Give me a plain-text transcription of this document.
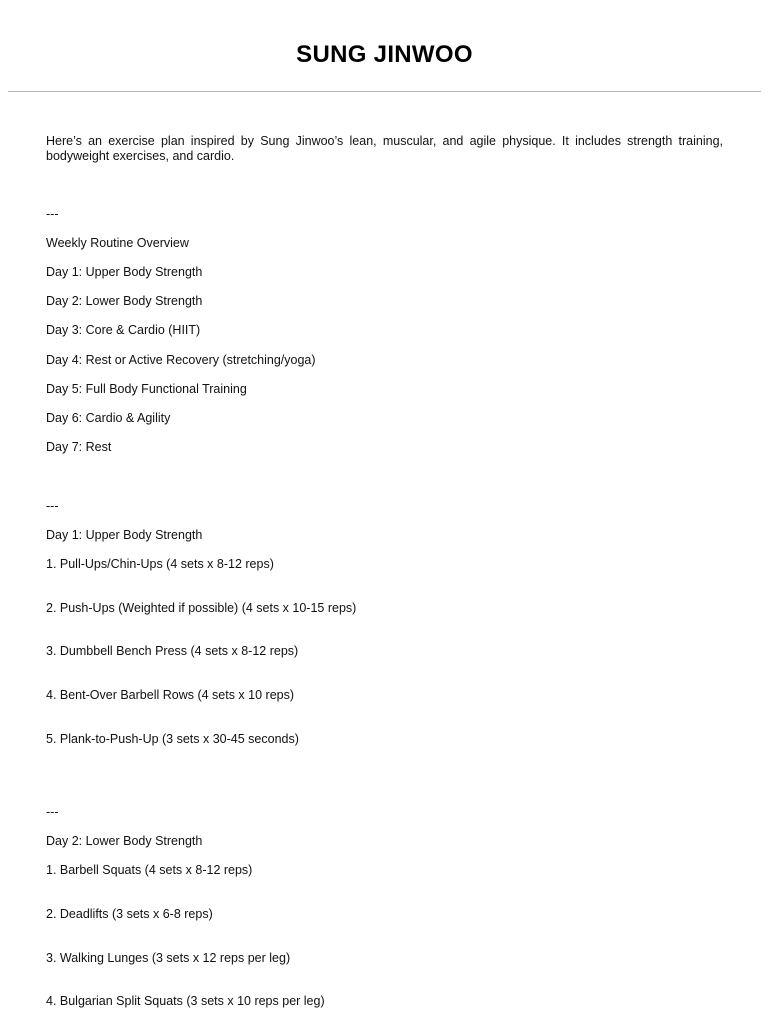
SUNG JINWOO
Here’s an exercise plan inspired by Sung Jinwoo’s lean, muscular, and agile physique. It includes strength training, bodyweight exercises, and cardio.
---
Weekly Routine Overview
Day 1: Upper Body Strength
Day 2: Lower Body Strength
Day 3: Core & Cardio (HIIT)
Day 4: Rest or Active Recovery (stretching/yoga)
Day 5: Full Body Functional Training
Day 6: Cardio & Agility
Day 7: Rest
---
Day 1: Upper Body Strength
1. Pull-Ups/Chin-Ups (4 sets x 8-12 reps)
2. Push-Ups (Weighted if possible) (4 sets x 10-15 reps)
3. Dumbbell Bench Press (4 sets x 8-12 reps)
4. Bent-Over Barbell Rows (4 sets x 10 reps)
5. Plank-to-Push-Up (3 sets x 30-45 seconds)
---
Day 2: Lower Body Strength
1. Barbell Squats (4 sets x 8-12 reps)
2. Deadlifts (3 sets x 6-8 reps)
3. Walking Lunges (3 sets x 12 reps per leg)
4. Bulgarian Split Squats (3 sets x 10 reps per leg)
